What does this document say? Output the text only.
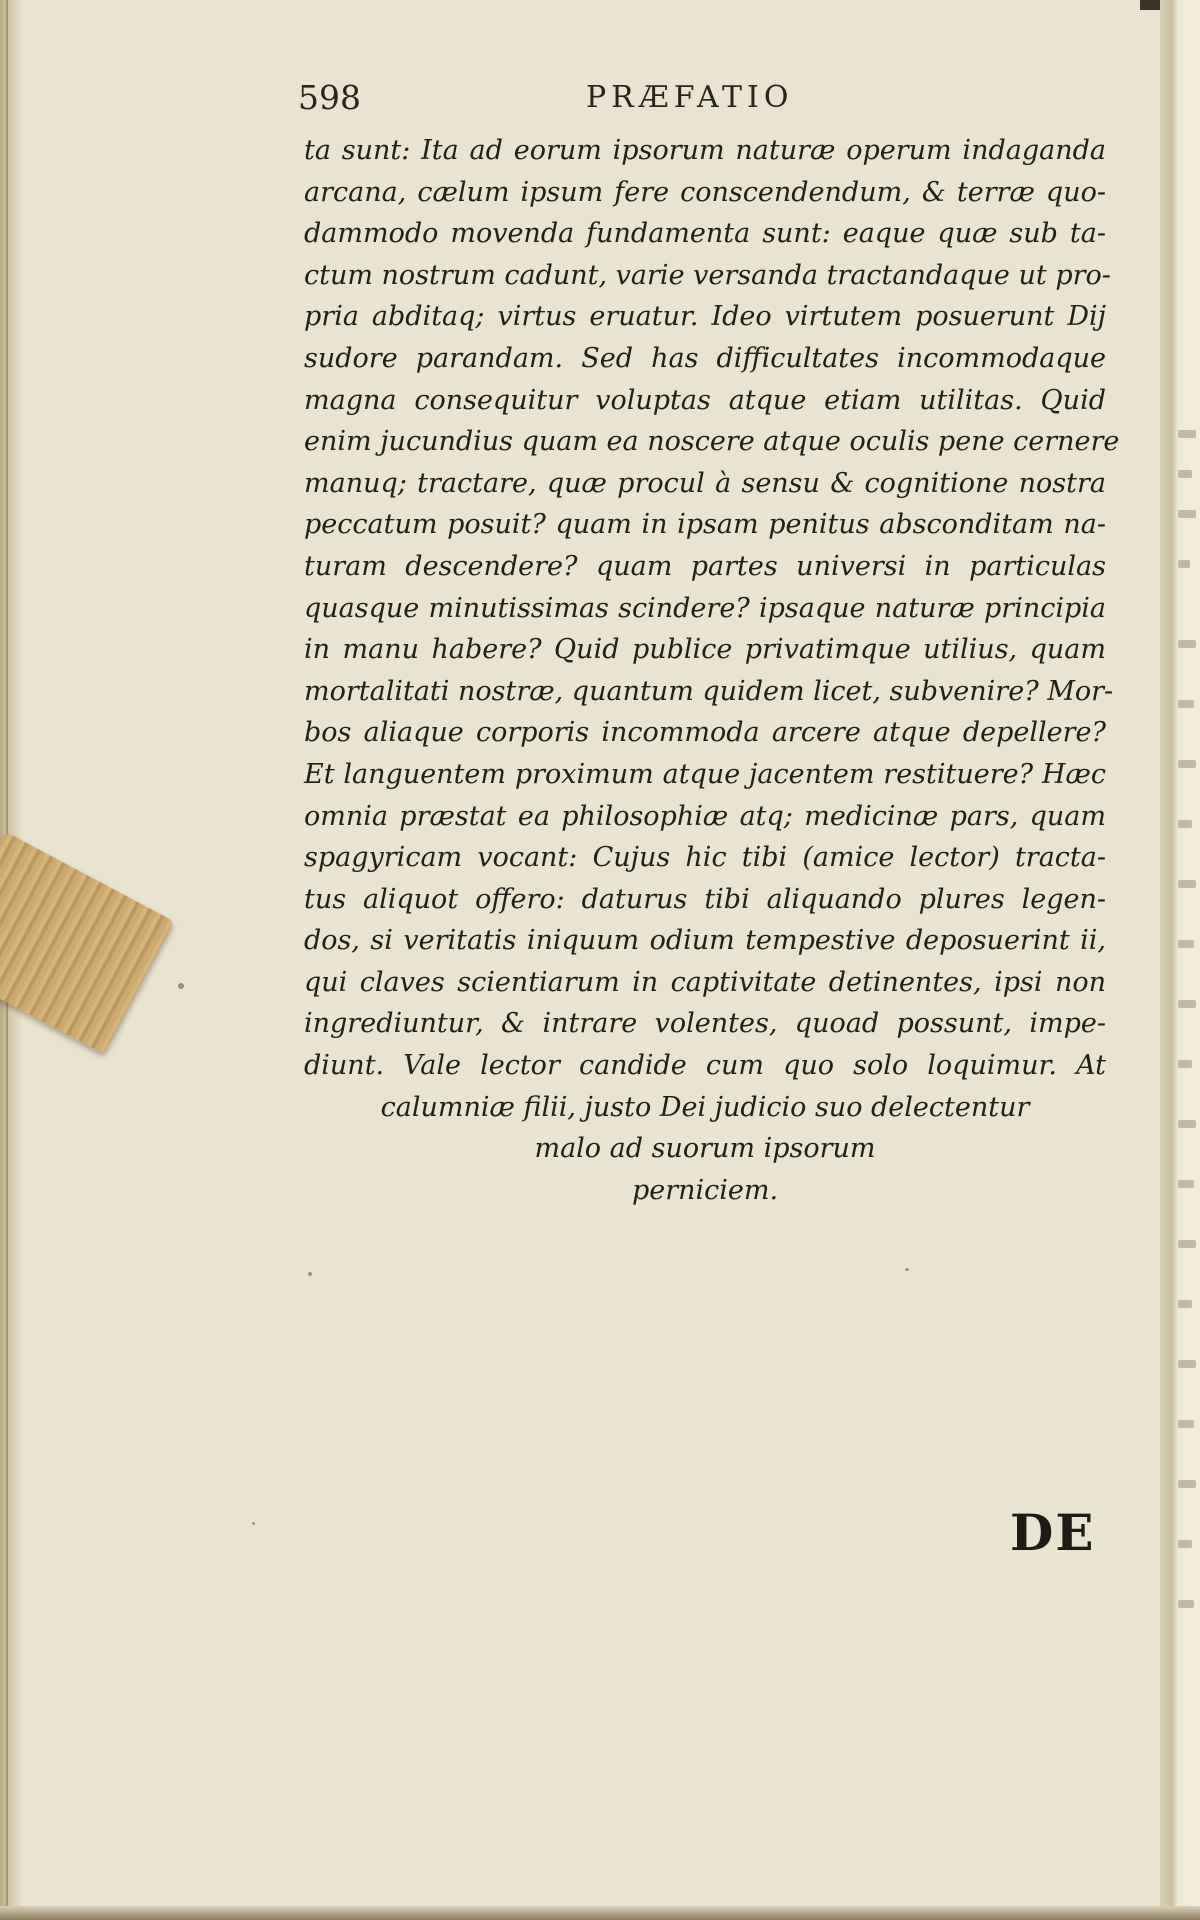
598	PRÆFATIO
ta sunt: Ita ad eorum ipsorum naturæ operum indaganda
arcana, cælum ipsum fere conscendendum, & terræ quo-
dammodo movenda fundamenta sunt: eaque quæ sub ta-
ctum nostrum cadunt, varie versanda tractandaque ut pro-
pria abditaq; virtus eruatur. Ideo virtutem posuerunt Dij
sudore parandam. Sed has difficultates incommodaque
magna consequitur voluptas atque etiam utilitas. Quid
enim jucundius quam ea noscere atque oculis pene cernere
manuq; tractare, quæ procul à sensu & cognitione nostra
peccatum posuit? quam in ipsam penitus absconditam na-
turam descendere? quam partes universi in particulas
quasque minutissimas scindere? ipsaque naturæ principia
in manu habere? Quid publice privatimque utilius, quam
mortalitati nostræ, quantum quidem licet, subvenire? Mor-
bos aliaque corporis incommoda arcere atque depellere?
Et languentem proximum atque jacentem restituere? Hæc
omnia præstat ea philosophiæ atq; medicinæ pars, quam
spagyricam vocant: Cujus hic tibi (amice lector) tracta-
tus aliquot offero: daturus tibi aliquando plures legen-
dos, si veritatis iniquum odium tempestive deposuerint ii,
qui claves scientiarum in captivitate detinentes, ipsi non
ingrediuntur, & intrare volentes, quoad possunt, impe-
diunt. Vale lector candide cum quo solo loquimur. At
calumniæ filii, justo Dei judicio suo delectentur
malo ad suorum ipsorum
perniciem.
DE
